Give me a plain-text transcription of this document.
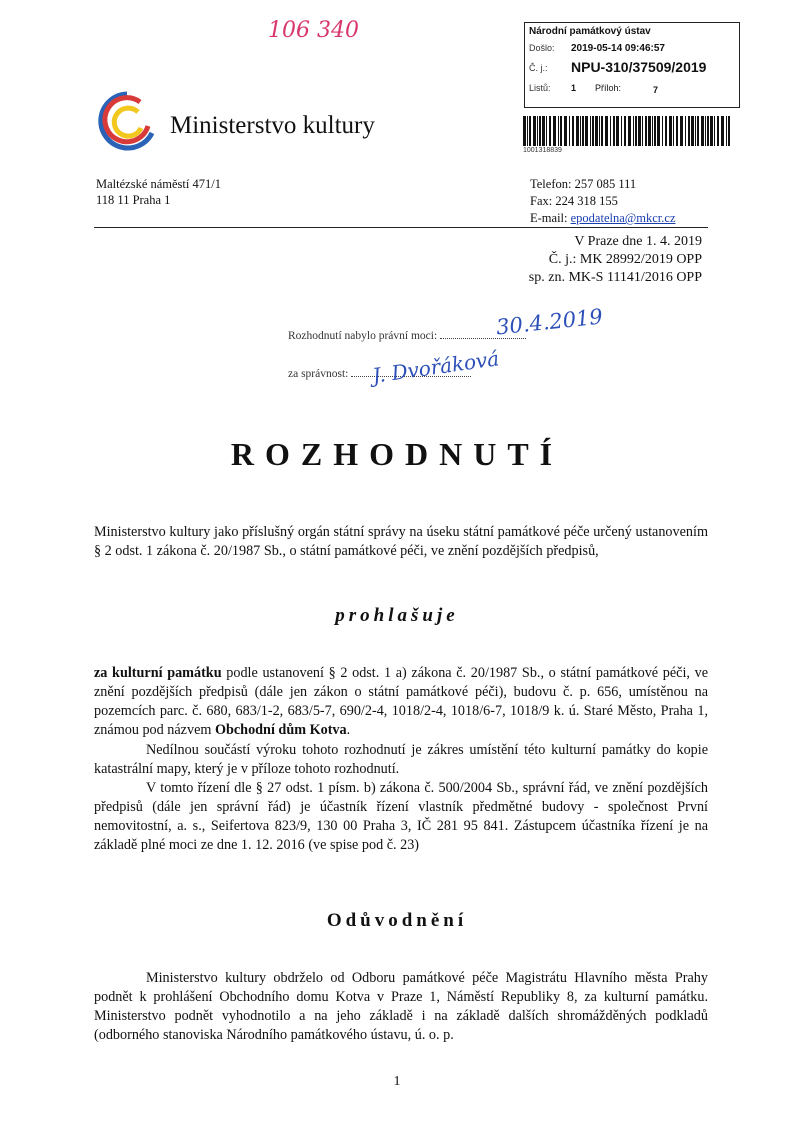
106 340	Národní památkový ústav
Došlo: 2019-05-14 09:46:57
Č. j.: NPU-310/37509/2019
Listů: 1 Příloh:	7
1001318839
Ministerstvo kultury
Maltézské náměstí 471/1
118 11 Praha 1
Telefon: 257 085 111
Fax: 224 318 155
E-mail: epodatelna@mkcr.cz
V Praze dne 1. 4. 2019
Č. j.: MK 28992/2019 OPP
sp. zn. MK-S 11141/2016 OPP
Rozhodnutí nabylo právní moci:	30.4.2019
za správnost:	J. Dvořáková
ROZHODNUTÍ
Ministerstvo kultury jako příslušný orgán státní správy na úseku státní památkové péče určený ustanovením § 2 odst. 1 zákona č. 20/1987 Sb., o státní památkové péči, ve znění pozdějších předpisů,
prohlašuje
za kulturní památku podle ustanovení § 2 odst. 1 a) zákona č. 20/1987 Sb., o státní památkové péči, ve znění pozdějších předpisů (dále jen zákon o státní památkové péči), budovu č. p. 656, umístěnou na pozemcích parc. č. 680, 683/1-2, 683/5-7, 690/2-4, 1018/2-4, 1018/6-7, 1018/9 k. ú. Staré Město, Praha 1, známou pod názvem Obchodní dům Kotva.
Nedílnou součástí výroku tohoto rozhodnutí je zákres umístění této kulturní památky do kopie katastrální mapy, který je v příloze tohoto rozhodnutí.
V tomto řízení dle § 27 odst. 1 písm. b) zákona č. 500/2004 Sb., správní řád, ve znění pozdějších předpisů (dále jen správní řád) je účastník řízení vlastník předmětné budovy - společnost První nemovitostní, a. s., Seifertova 823/9, 130 00 Praha 3, IČ 281 95 841. Zástupcem účastníka řízení je na základě plné moci ze dne 1. 12. 2016 (ve spise pod č. 23)
Odůvodnění
Ministerstvo kultury obdrželo od Odboru památkové péče Magistrátu Hlavního města Prahy podnět k prohlášení Obchodního domu Kotva v Praze 1, Náměstí Republiky 8, za kulturní památku. Ministerstvo podnět vyhodnotilo a na jeho základě i na základě dalších shromážděných podkladů (odborného stanoviska Národního památkového ústavu, ú. o. p.
1
